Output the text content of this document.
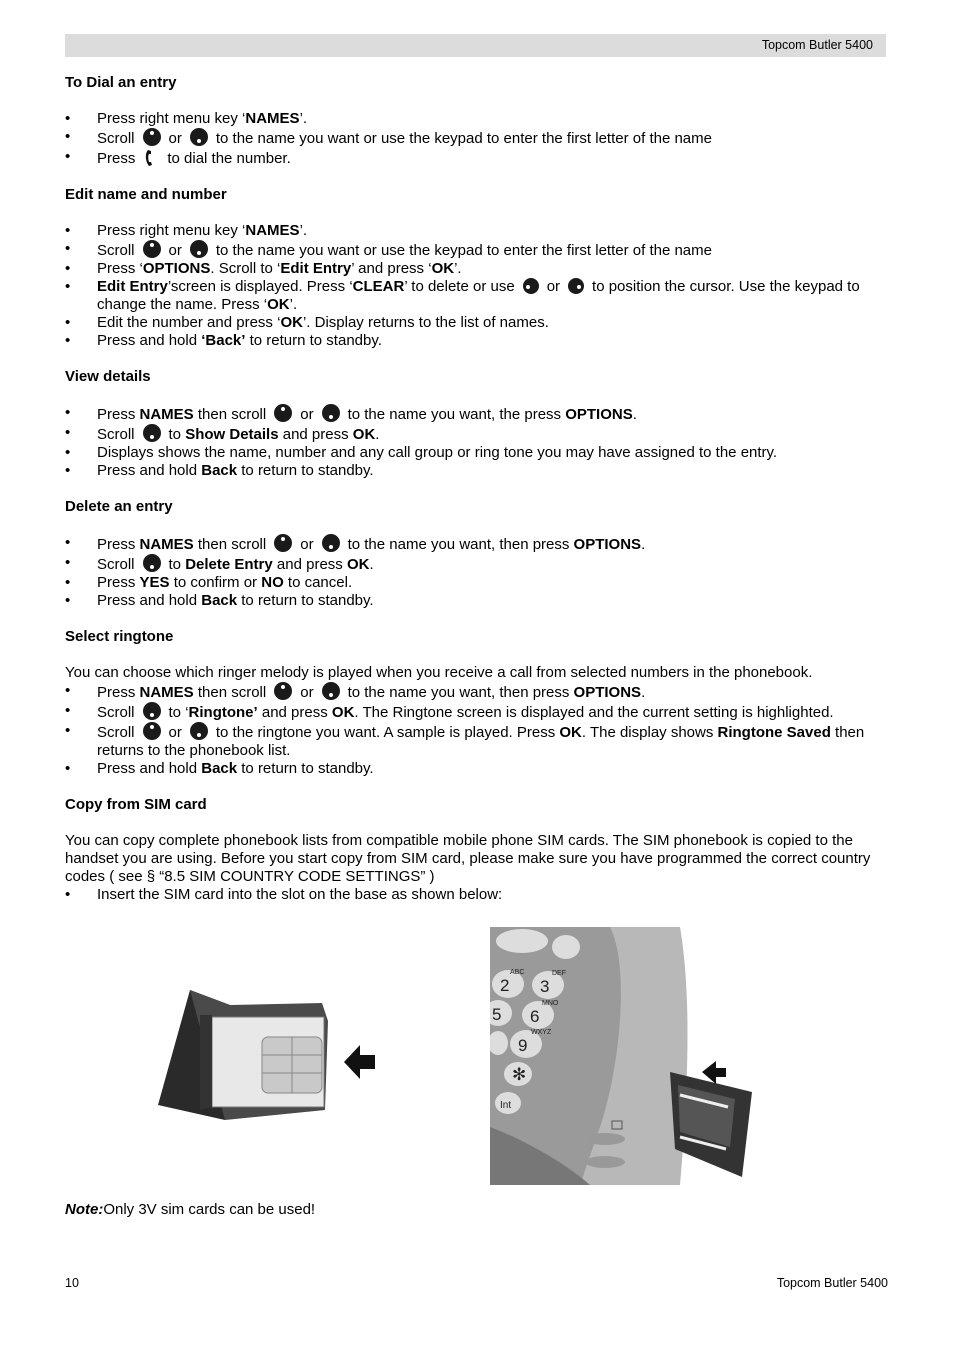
Topcom Butler 5400
To Dial an entry
• Press right menu key ‘NAMES’.
• Scroll or to the name you want or use the keypad to enter the first letter of the name
• Press to dial the number.
Edit name and number
• Press right menu key ‘NAMES’.
• Scroll or to the name you want or use the keypad to enter the first letter of the name
• Press ‘OPTIONS. Scroll to ‘Edit Entry’ and press ‘OK’.
• Edit Entry’screen is displayed. Press ‘CLEAR’ to delete or use or to position the cursor. Use the keypad to change the name. Press ‘OK’.
• Edit the number and press ‘OK’. Display returns to the list of names.
• Press and hold ‘Back’ to return to standby.
View details
• Press NAMES then scroll or to the name you want, the press OPTIONS.
• Scroll to Show Details and press OK.
• Displays shows the name, number and any call group or ring tone you may have assigned to the entry.
• Press and hold Back to return to standby.
Delete an entry
• Press NAMES then scroll or to the name you want, then press OPTIONS.
• Scroll to Delete Entry and press OK.
• Press YES to confirm or NO to cancel.
• Press and hold Back to return to standby.
Select ringtone

You can choose which ringer melody is played when you receive a call from selected numbers in the phonebook.

• Press NAMES then scroll or to the name you want, then press OPTIONS.
• Scroll to ‘Ringtone’ and press OK. The Ringtone screen is displayed and the current setting is highlighted.
• Scroll or to the ringtone you want. A sample is played. Press OK. The display shows Ringtone Saved then returns to the phonebook list.
• Press and hold Back to return to standby.
Copy from SIM card

You can copy complete phonebook lists from compatible mobile phone SIM cards. The SIM phonebook is copied to the handset you are using. Before you start copy from SIM card, please make sure you have programmed the correct country codes ( see § “8.5 SIM COUNTRY CODE SETTINGS” )

• Insert the SIM card into the slot on the base as shown below:
2
ABC
3
DEF
5 6
MNO
9
WXYZ
✻
Int
Note:Only 3V sim cards can be used!
10	Topcom Butler 5400
